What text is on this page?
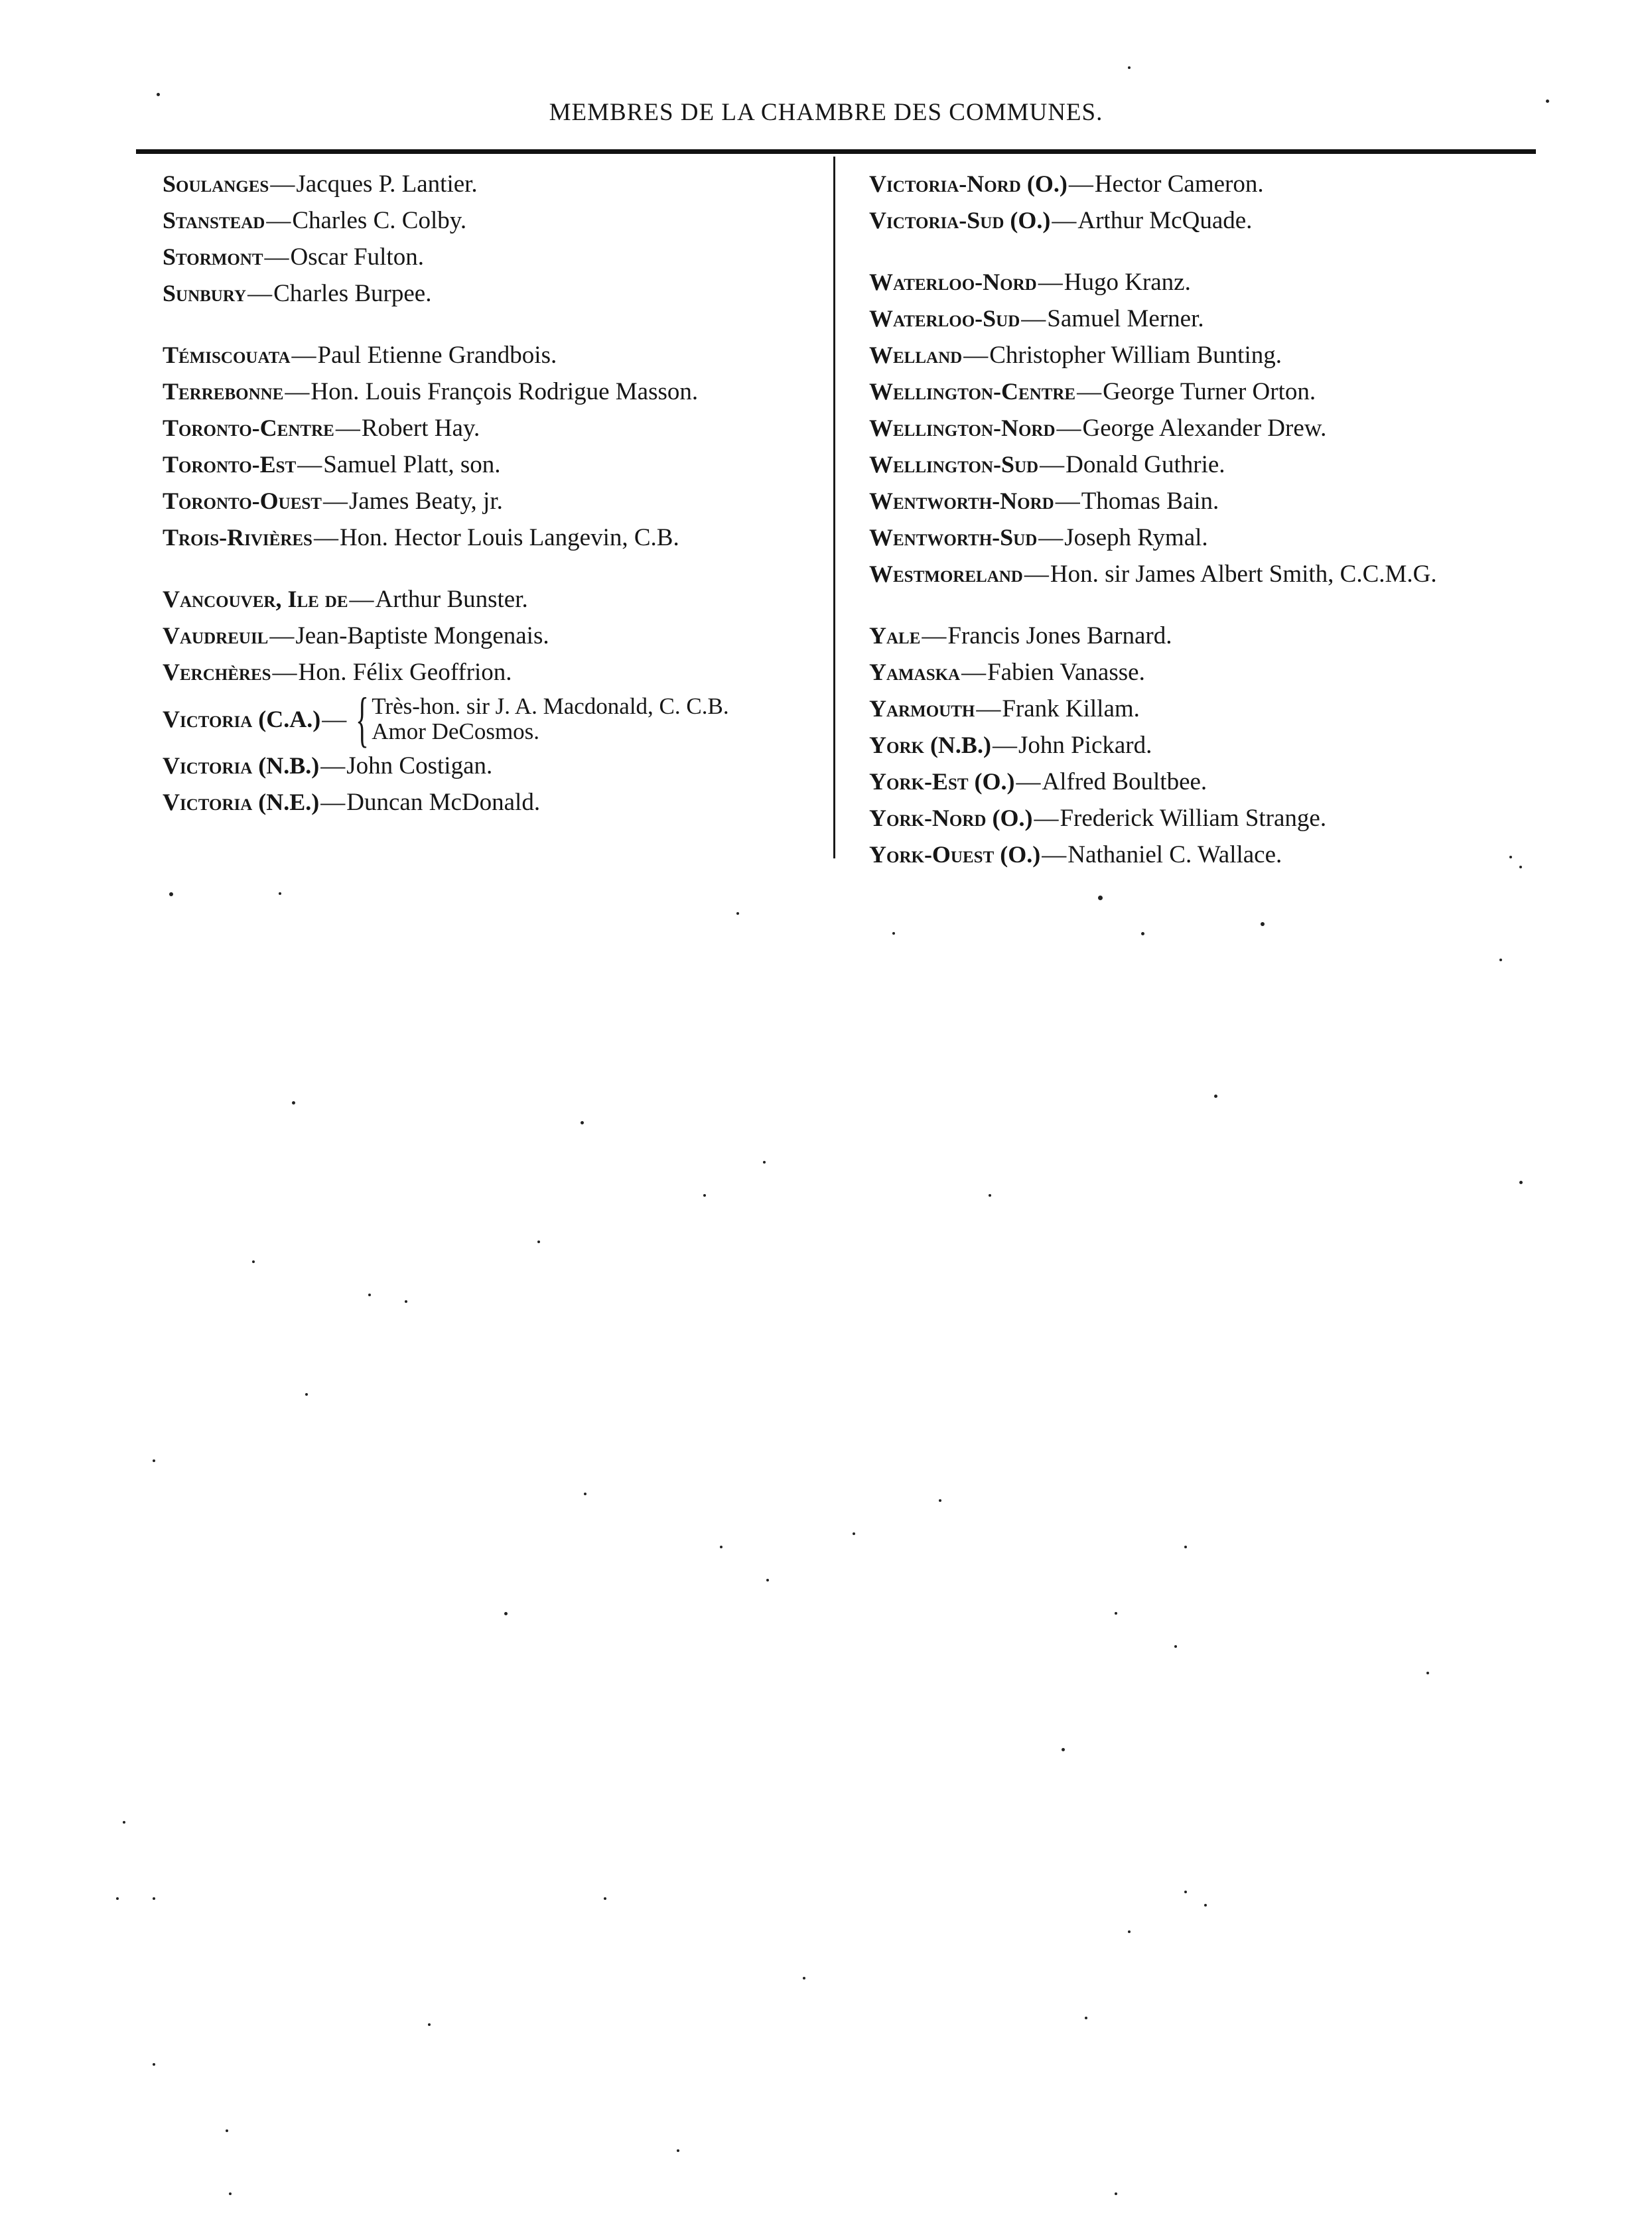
MEMBRES DE LA CHAMBRE DES COMMUNES.
Soulanges—Jacques P. Lantier.
Stanstead—Charles C. Colby.
Stormont—Oscar Fulton.
Sunbury—Charles Burpee.
Témiscouata—Paul Etienne Grandbois.
Terrebonne—Hon. Louis François Rodrigue Masson.
Toronto-Centre—Robert Hay.
Toronto-Est—Samuel Platt, son.
Toronto-Ouest—James Beaty, jr.
Trois-Rivières—Hon. Hector Louis Langevin, C.B.
Vancouver, Ile de—Arthur Bunster.
Vaudreuil—Jean-Baptiste Mongenais.
Verchères—Hon. Félix Geoffrion.
Victoria (C.A.) — { Très-hon. sir J. A. Macdonald, C. C.B.
Amor DeCosmos.
Victoria (N.B.)—John Costigan.
Victoria (N.E.)—Duncan McDonald.
Victoria-Nord (O.)—Hector Cameron.
Victoria-Sud (O.)—Arthur McQuade.
Waterloo-Nord—Hugo Kranz.
Waterloo-Sud—Samuel Merner.
Welland—Christopher William Bunting.
Wellington-Centre—George Turner Orton.
Wellington-Nord—George Alexander Drew.
Wellington-Sud—Donald Guthrie.
Wentworth-Nord—Thomas Bain.
Wentworth-Sud—Joseph Rymal.
Westmoreland—Hon. sir James Albert Smith, C.C.M.G.
Yale—Francis Jones Barnard.
Yamaska—Fabien Vanasse.
Yarmouth—Frank Killam.
York (N.B.)—John Pickard.
York-Est (O.)—Alfred Boultbee.
York-Nord (O.)—Frederick William Strange.
York-Ouest (O.)—Nathaniel C. Wallace.
